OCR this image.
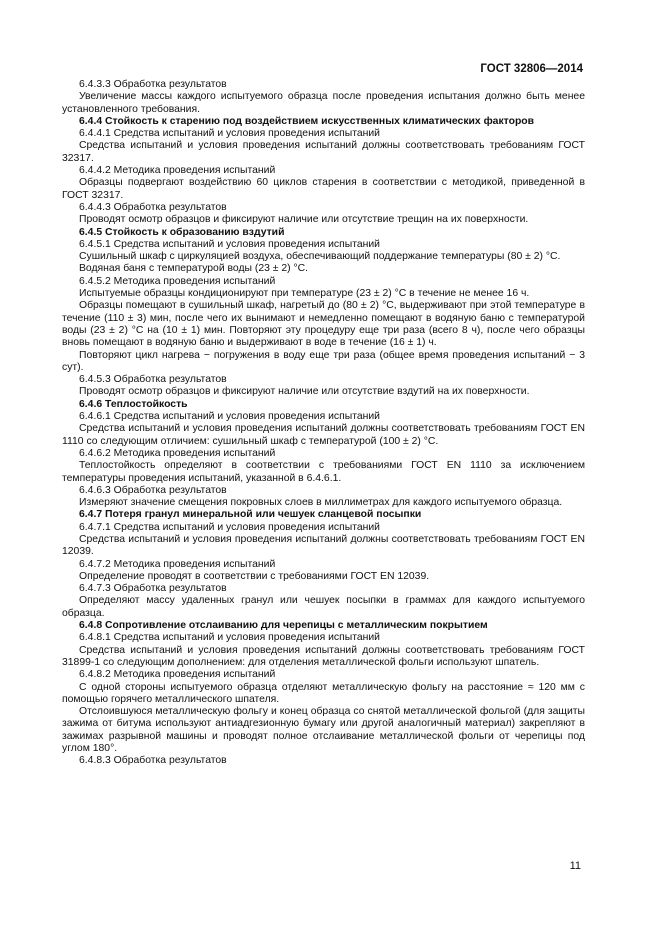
ГОСТ 32806—2014

6.4.3.3 Обработка результатов

Увеличение массы каждого испытуемого образца после проведения испытания должно быть менее установленного требования.

6.4.4 Стойкость к старению под воздействием искусственных климатических факторов

6.4.4.1 Средства испытаний и условия проведения испытаний

Средства испытаний и условия проведения испытаний должны соответствовать требованиям ГОСТ 32317.

6.4.4.2 Методика проведения испытаний

Образцы подвергают воздействию 60 циклов старения в соответствии с методикой, приведенной в ГОСТ 32317.

6.4.4.3 Обработка результатов

Проводят осмотр образцов и фиксируют наличие или отсутствие трещин на их поверхности.

6.4.5 Стойкость к образованию вздутий

6.4.5.1 Средства испытаний и условия проведения испытаний

Сушильный шкаф с циркуляцией воздуха, обеспечивающий поддержание температуры (80 ± 2) °С.

Водяная баня с температурой воды (23 ± 2) °С.

6.4.5.2 Методика проведения испытаний

Испытуемые образцы кондиционируют при температуре (23 ± 2) °С в течение не менее 16 ч.

Образцы помещают в сушильный шкаф, нагретый до (80 ± 2) °С, выдерживают при этой температуре в течение (110 ± 3) мин, после чего их вынимают и немедленно помещают в водяную баню с температурой воды (23 ± 2) °С на (10 ± 1) мин. Повторяют эту процедуру еще три раза (всего 8 ч), после чего образцы вновь помещают в водяную баню и выдерживают в воде в течение (16 ± 1) ч.

Повторяют цикл нагрева − погружения в воду еще три раза (общее время проведения испытаний − 3 сут).

6.4.5.3 Обработка результатов

Проводят осмотр образцов и фиксируют наличие или отсутствие вздутий на их поверхности.

6.4.6 Теплостойкость

6.4.6.1 Средства испытаний и условия проведения испытаний

Средства испытаний и условия проведения испытаний должны соответствовать требованиям ГОСТ EN 1110 со следующим отличием: сушильный шкаф с температурой (100 ± 2) °С.

6.4.6.2 Методика проведения испытаний

Теплостойкость определяют в соответствии с требованиями ГОСТ EN 1110 за исключением температуры проведения испытаний, указанной в 6.4.6.1.

6.4.6.3 Обработка результатов

Измеряют значение смещения покровных слоев в миллиметрах для каждого испытуемого образца.

6.4.7 Потеря гранул минеральной или чешуек сланцевой посыпки

6.4.7.1 Средства испытаний и условия проведения испытаний

Средства испытаний и условия проведения испытаний должны соответствовать требованиям ГОСТ EN 12039.

6.4.7.2 Методика проведения испытаний

Определение проводят в соответствии с требованиями ГОСТ EN 12039.

6.4.7.3 Обработка результатов

Определяют массу удаленных гранул или чешуек посыпки в граммах для каждого испытуемого образца.

6.4.8 Сопротивление отслаиванию для черепицы с металлическим покрытием

6.4.8.1 Средства испытаний и условия проведения испытаний

Средства испытаний и условия проведения испытаний должны соответствовать требованиям ГОСТ 31899-1 со следующим дополнением: для отделения металлической фольги используют шпатель.

6.4.8.2 Методика проведения испытаний

С одной стороны испытуемого образца отделяют металлическую фольгу на расстояние ≈ 120 мм с помощью горячего металлического шпателя.

Отслоившуюся металлическую фольгу и конец образца со снятой металлической фольгой (для защиты зажима от битума используют антиадгезионную бумагу или другой аналогичный материал) закрепляют в зажимах разрывной машины и проводят полное отслаивание металлической фольги от черепицы под углом 180°.

6.4.8.3 Обработка результатов

11
